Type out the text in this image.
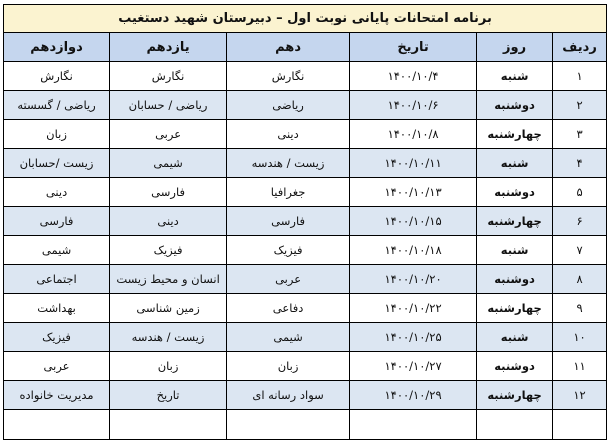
برنامه امتحانات پایانی نوبت اول – دبیرستان شهید دستغیب					
ردیف	روز	تاریخ	دهم	یازدهم	دوازدهم
۱	شنبه	۱۴۰۰/۱۰/۴	نگارش	نگارش	نگارش
۲	دوشنبه	۱۴۰۰/۱۰/۶	ریاضی	ریاضی / حسابان	ریاضی / گسسته
۳	چهارشنبه	۱۴۰۰/۱۰/۸	دینی	عربی	زبان
۴	شنبه	۱۴۰۰/۱۰/۱۱	زیست / هندسه	شیمی	زیست /حسابان
۵	دوشنبه	۱۴۰۰/۱۰/۱۳	جغرافیا	فارسی	دینی
۶	چهارشنبه	۱۴۰۰/۱۰/۱۵	فارسی	دینی	فارسی
۷	شنبه	۱۴۰۰/۱۰/۱۸	فیزیک	فیزیک	شیمی
۸	دوشنبه	۱۴۰۰/۱۰/۲۰	عربی	انسان و محیط زیست	اجتماعی
۹	چهارشنبه	۱۴۰۰/۱۰/۲۲	دفاعی	زمین شناسی	بهداشت
۱۰	شنبه	۱۴۰۰/۱۰/۲۵	شیمی	زیست / هندسه	فیزیک
۱۱	دوشنبه	۱۴۰۰/۱۰/۲۷	زبان	زبان	عربی
۱۲	چهارشنبه	۱۴۰۰/۱۰/۲۹	سواد رسانه ای	تاریخ	مدیریت خانواده
